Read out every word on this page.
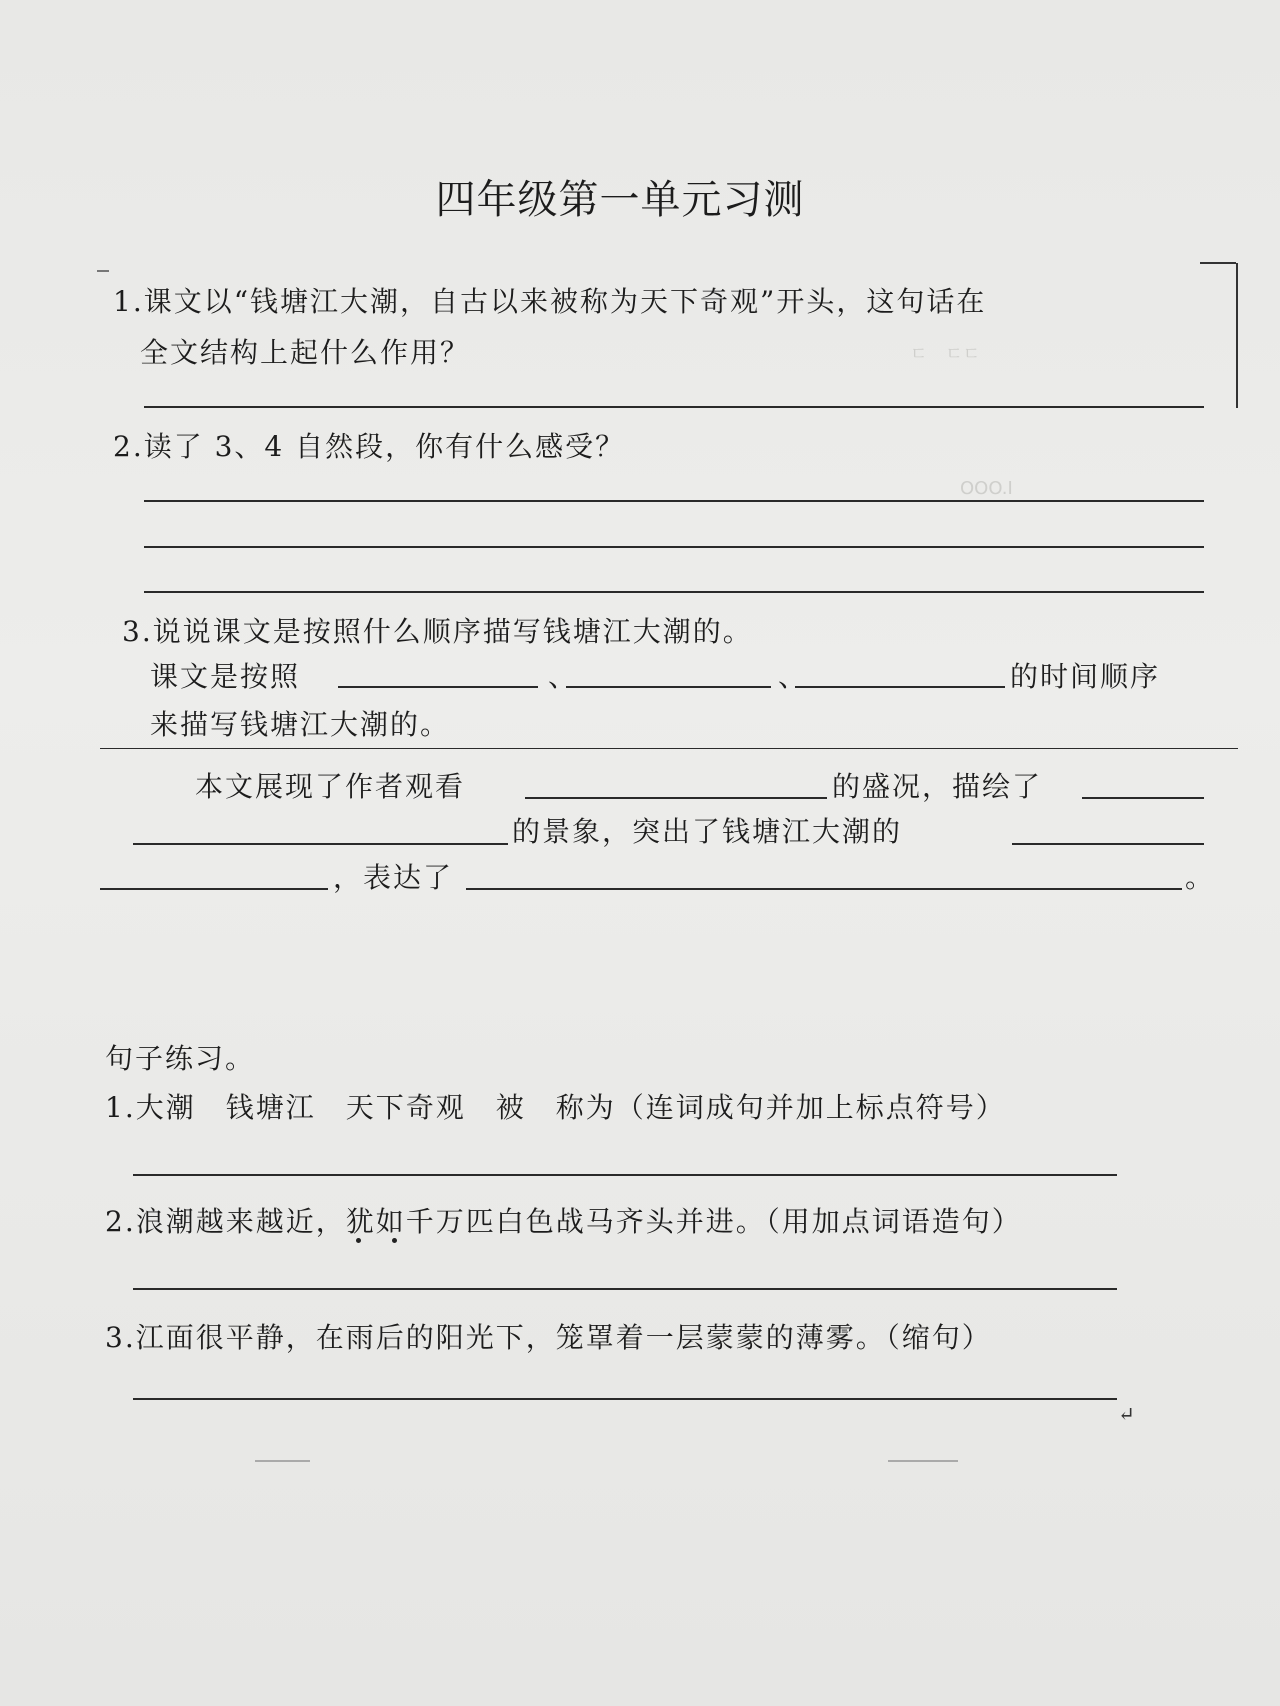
四年级第一单元习测
ㄷ　ㄷㄷ
OOO.I
1.课文以“钱塘江大潮，自古以来被称为天下奇观”开头，这句话在
全文结构上起什么作用？
2.读了 3、4 自然段，你有什么感受？
3.说说课文是按照什么顺序描写钱塘江大潮的。
课文是按照	、	、	的时间顺序
来描写钱塘江大潮的。
本文展现了作者观看	的盛况，描绘了
的景象，突出了钱塘江大潮的
，表达了	。
句子练习。
1.大潮　钱塘江　天下奇观　被　称为（连词成句并加上标点符号）
2.浪潮越来越近，犹如千万匹白色战马齐头并进。（用加点词语造句）
3.江面很平静，在雨后的阳光下，笼罩着一层蒙蒙的薄雾。（缩句）
↵
